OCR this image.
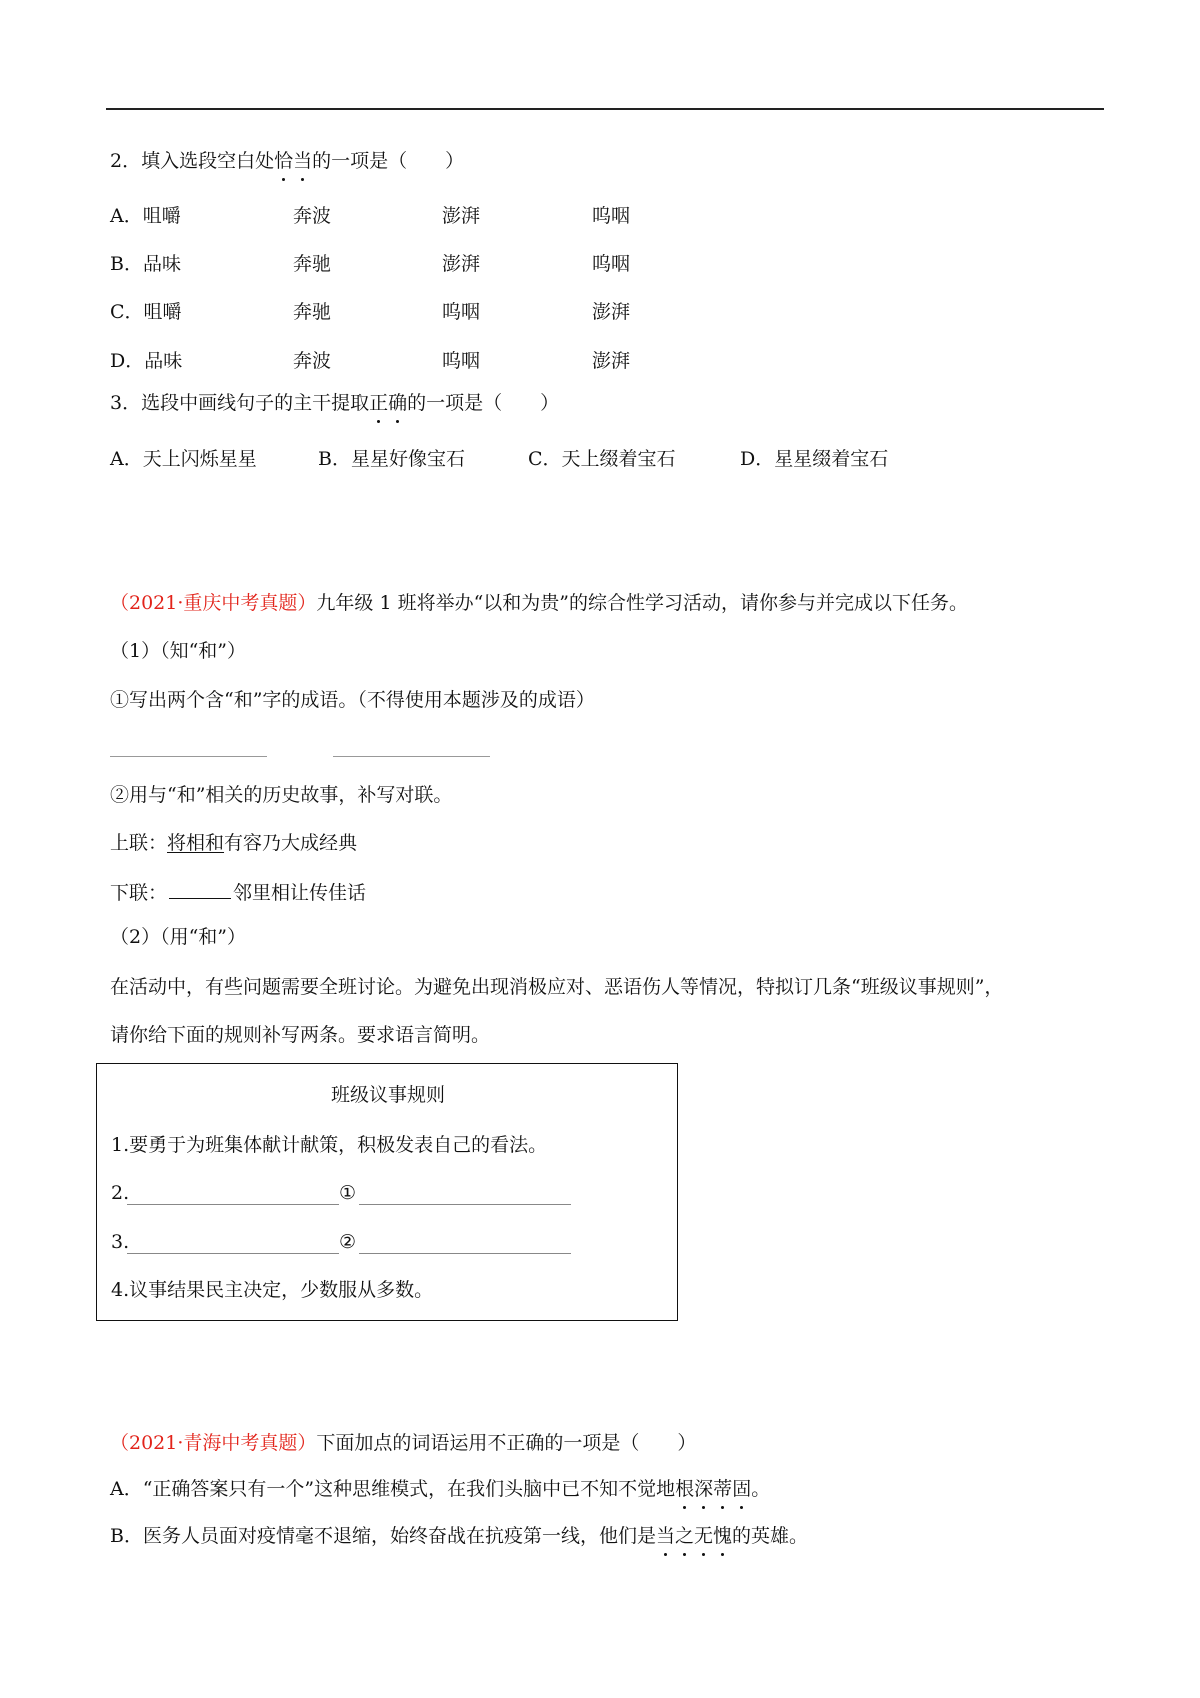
2．填入选段空白处恰当的一项是（　　）
A．咀嚼	奔波	澎湃	呜咽
B．品味	奔驰	澎湃	呜咽
C．咀嚼	奔驰	呜咽	澎湃
D．品味	奔波	呜咽	澎湃
3．选段中画线句子的主干提取正确的一项是（　　）
A．天上闪烁星星	B．星星好像宝石	C．天上缀着宝石	D．星星缀着宝石
（2021·重庆中考真题）九年级 1 班将举办“以和为贵”的综合性学习活动，请你参与并完成以下任务。
（1）（知“和”）
①写出两个含“和”字的成语。（不得使用本题涉及的成语）
②用与“和”相关的历史故事，补写对联。
上联：将相和有容乃大成经典
下联：	邻里相让传佳话
（2）（用“和”）
在活动中，有些问题需要全班讨论。为避免出现消极应对、恶语伤人等情况，特拟订几条“班级议事规则”，
请你给下面的规则补写两条。要求语言简明。
班级议事规则
1.要勇于为班集体献计献策，积极发表自己的看法。
2.	①
3.	②
4.议事结果民主决定，少数服从多数。
（2021·青海中考真题）下面加点的词语运用不正确的一项是（　　）
A．“正确答案只有一个”这种思维模式，在我们头脑中已不知不觉地根深蒂固。
B．医务人员面对疫情毫不退缩，始终奋战在抗疫第一线，他们是当之无愧的英雄。
